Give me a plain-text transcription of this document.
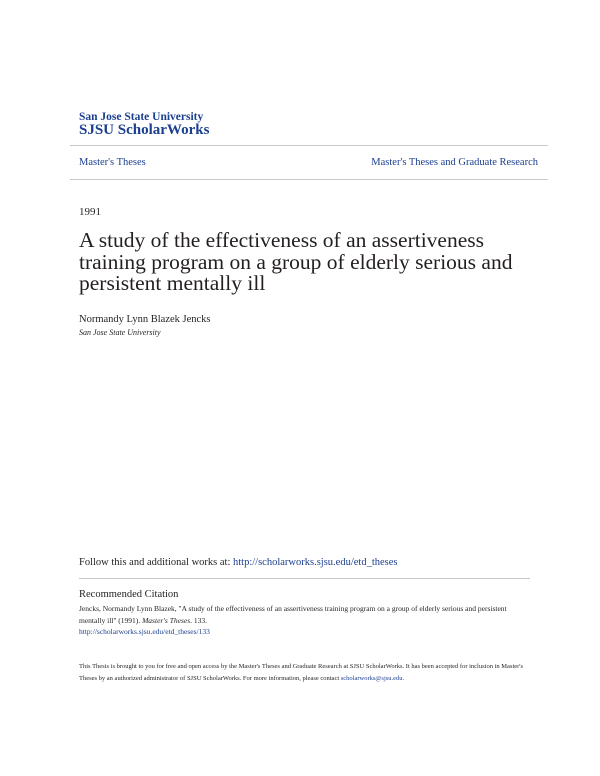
San Jose State University
SJSU ScholarWorks
Master's Theses	Master's Theses and Graduate Research
1991
A study of the effectiveness of an assertiveness training program on a group of elderly serious and persistent mentally ill
Normandy Lynn Blazek Jencks
San Jose State University
Follow this and additional works at: http://scholarworks.sjsu.edu/etd_theses
Recommended Citation
Jencks, Normandy Lynn Blazek, "A study of the effectiveness of an assertiveness training program on a group of elderly serious and persistent mentally ill" (1991). Master's Theses. 133.
http://scholarworks.sjsu.edu/etd_theses/133
This Thesis is brought to you for free and open access by the Master's Theses and Graduate Research at SJSU ScholarWorks. It has been accepted for inclusion in Master's Theses by an authorized administrator of SJSU ScholarWorks. For more information, please contact scholarworks@sjsu.edu.
